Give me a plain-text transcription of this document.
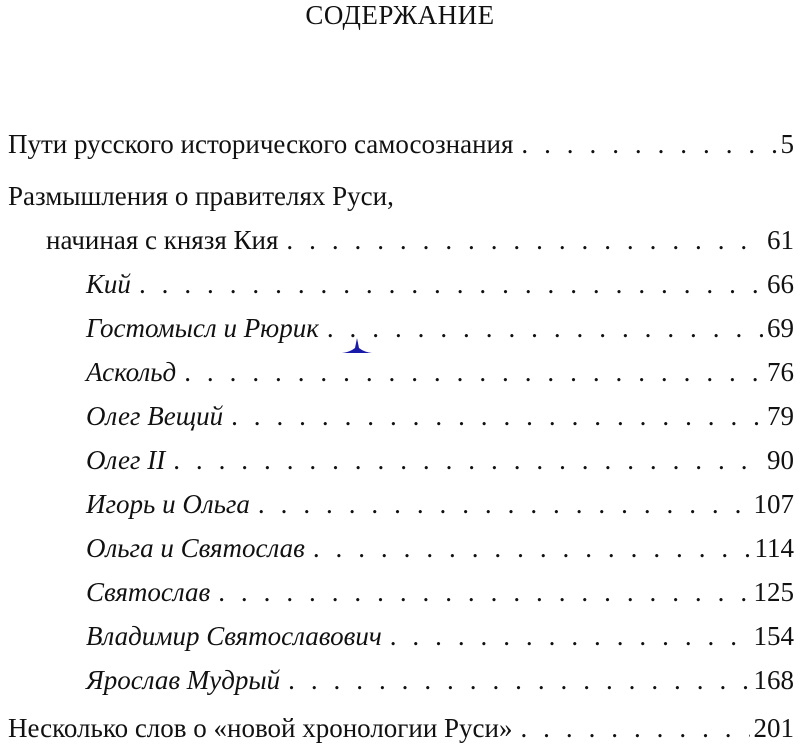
СОДЕРЖАНИЕ
Пути русского исторического самосознания . . .	5
Размышления о правителях Руси,
начиная с князя Кия . . .	61
Кий . . .	66
Гостомысл и Рюрик . . .	69
Аскольд . . .	76
Олег Вещий . . .	79
Олег II . . .	90
Игорь и Ольга . . .	107
Ольга и Святослав . . .	114
Святослав . . .	125
Владимир Святославович . . .	154
Ярослав Мудрый . . .	168
Несколько слов о «новой хронологии Руси» . . .	201
